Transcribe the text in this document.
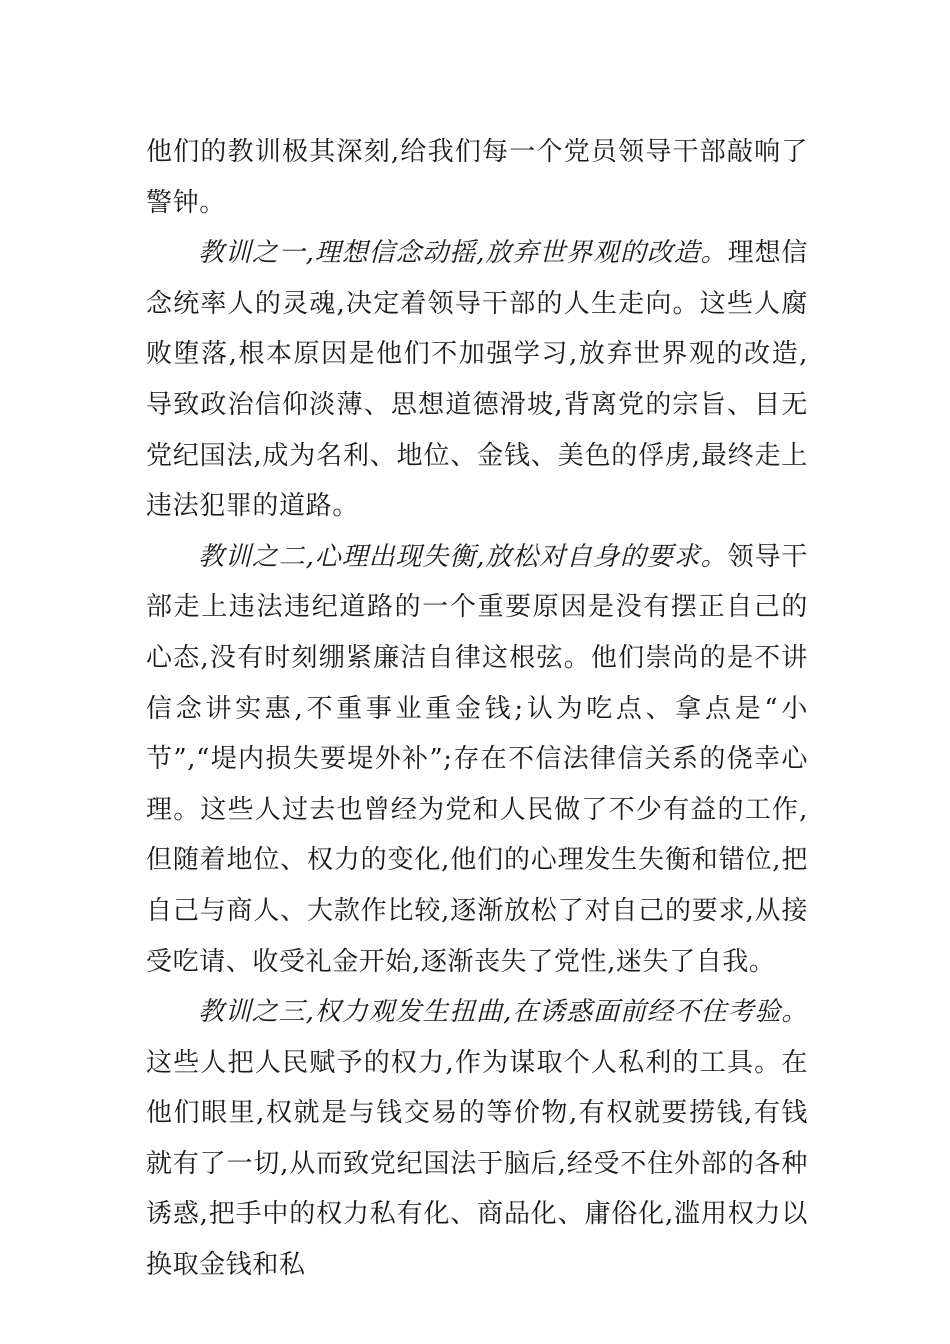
他们的教训极其深刻,给我们每一个党员领导干部敲响了警钟。

教训之一,理想信念动摇,放弃世界观的改造。理想信念统率人的灵魂,决定着领导干部的人生走向。这些人腐败堕落,根本原因是他们不加强学习,放弃世界观的改造,导致政治信仰淡薄、思想道德滑坡,背离党的宗旨、目无党纪国法,成为名利、地位、金钱、美色的俘虏,最终走上违法犯罪的道路。

教训之二,心理出现失衡,放松对自身的要求。领导干部走上违法违纪道路的一个重要原因是没有摆正自己的心态,没有时刻绷紧廉洁自律这根弦。他们崇尚的是不讲信念讲实惠,不重事业重金钱;认为吃点、拿点是“小节”,“堤内损失要堤外补”;存在不信法律信关系的侥幸心理。这些人过去也曾经为党和人民做了不少有益的工作,但随着地位、权力的变化,他们的心理发生失衡和错位,把自己与商人、大款作比较,逐渐放松了对自己的要求,从接受吃请、收受礼金开始,逐渐丧失了党性,迷失了自我。

教训之三,权力观发生扭曲,在诱惑面前经不住考验。这些人把人民赋予的权力,作为谋取个人私利的工具。在他们眼里,权就是与钱交易的等价物,有权就要捞钱,有钱就有了一切,从而致党纪国法于脑后,经受不住外部的各种诱惑,把手中的权力私有化、商品化、庸俗化,滥用权力以换取金钱和私
